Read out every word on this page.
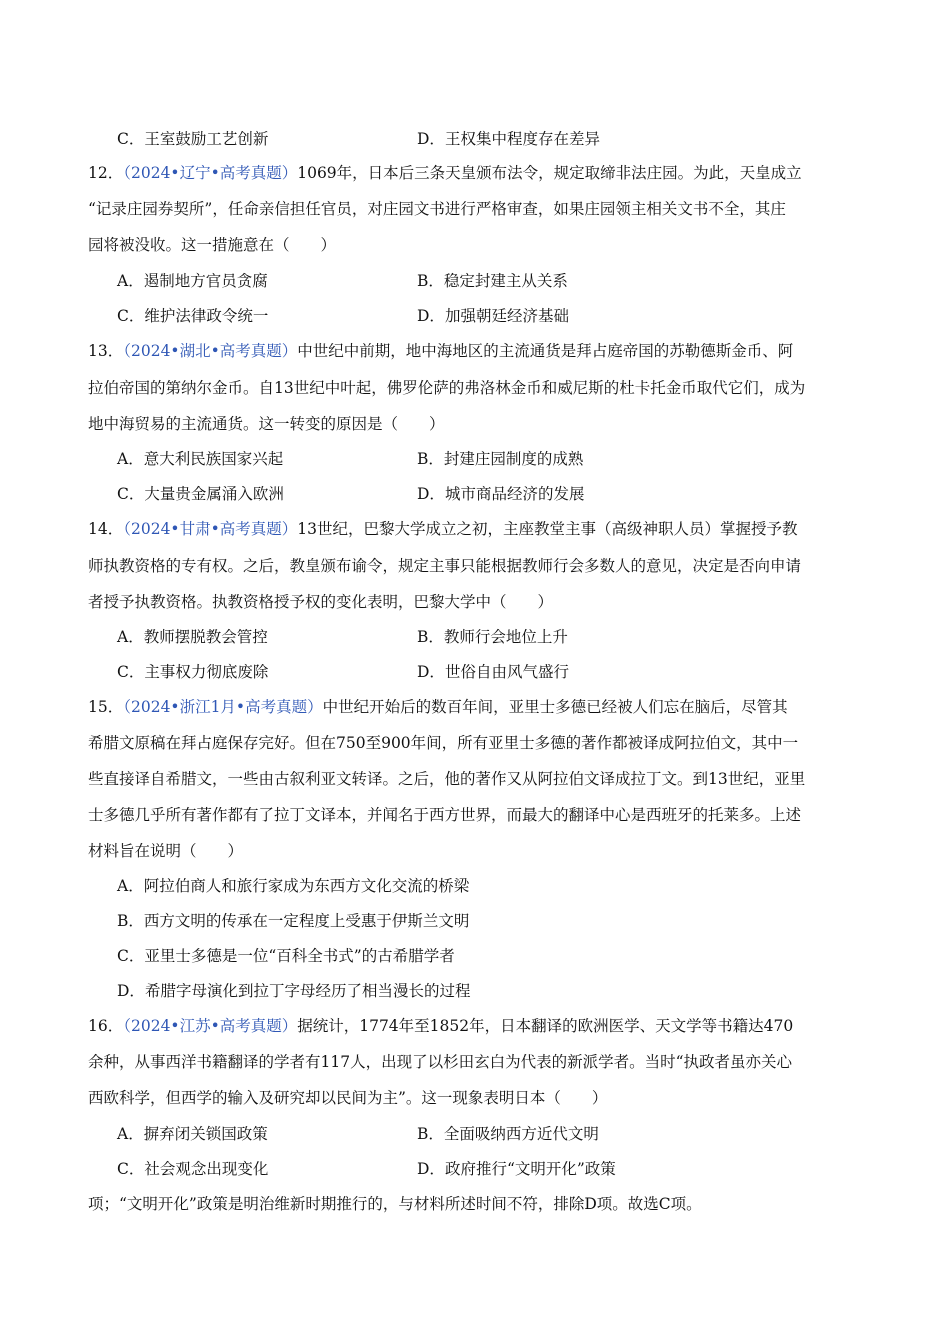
C．王室鼓励工艺创新	D．王权集中程度存在差异
12．（2024•辽宁•高考真题）1069年，日本后三条天皇颁布法令，规定取缔非法庄园。为此，天皇成立
“记录庄园券契所”，任命亲信担任官员，对庄园文书进行严格审查，如果庄园领主相关文书不全，其庄
园将被没收。这一措施意在（　　）
A．遏制地方官员贪腐	B．稳定封建主从关系
C．维护法律政令统一	D．加强朝廷经济基础
13．（2024•湖北•高考真题）中世纪中前期，地中海地区的主流通货是拜占庭帝国的苏勒德斯金币、阿
拉伯帝国的第纳尔金币。自13世纪中叶起，佛罗伦萨的弗洛林金币和威尼斯的杜卡托金币取代它们，成为
地中海贸易的主流通货。这一转变的原因是（　　）
A．意大利民族国家兴起	B．封建庄园制度的成熟
C．大量贵金属涌入欧洲	D．城市商品经济的发展
14．（2024•甘肃•高考真题）13世纪，巴黎大学成立之初，主座教堂主事（高级神职人员）掌握授予教
师执教资格的专有权。之后，教皇颁布谕令，规定主事只能根据教师行会多数人的意见，决定是否向申请
者授予执教资格。执教资格授予权的变化表明，巴黎大学中（　　）
A．教师摆脱教会管控	B．教师行会地位上升
C．主事权力彻底废除	D．世俗自由风气盛行
15．（2024•浙江1月•高考真题）中世纪开始后的数百年间，亚里士多德已经被人们忘在脑后，尽管其
希腊文原稿在拜占庭保存完好。但在750至900年间，所有亚里士多德的著作都被译成阿拉伯文，其中一
些直接译自希腊文，一些由古叙利亚文转译。之后，他的著作又从阿拉伯文译成拉丁文。到13世纪，亚里
士多德几乎所有著作都有了拉丁文译本，并闻名于西方世界，而最大的翻译中心是西班牙的托莱多。上述
材料旨在说明（　　）
A．阿拉伯商人和旅行家成为东西方文化交流的桥梁
B．西方文明的传承在一定程度上受惠于伊斯兰文明
C．亚里士多德是一位“百科全书式”的古希腊学者
D．希腊字母演化到拉丁字母经历了相当漫长的过程
16．（2024•江苏•高考真题）据统计，1774年至1852年，日本翻译的欧洲医学、天文学等书籍达470
余种，从事西洋书籍翻译的学者有117人，出现了以杉田玄白为代表的新派学者。当时“执政者虽亦关心
西欧科学，但西学的输入及研究却以民间为主”。这一现象表明日本（　　）
A．摒弃闭关锁国政策	B．全面吸纳西方近代文明
C．社会观念出现变化	D．政府推行“文明开化”政策
项；“文明开化”政策是明治维新时期推行的，与材料所述时间不符，排除D项。故选C项。
